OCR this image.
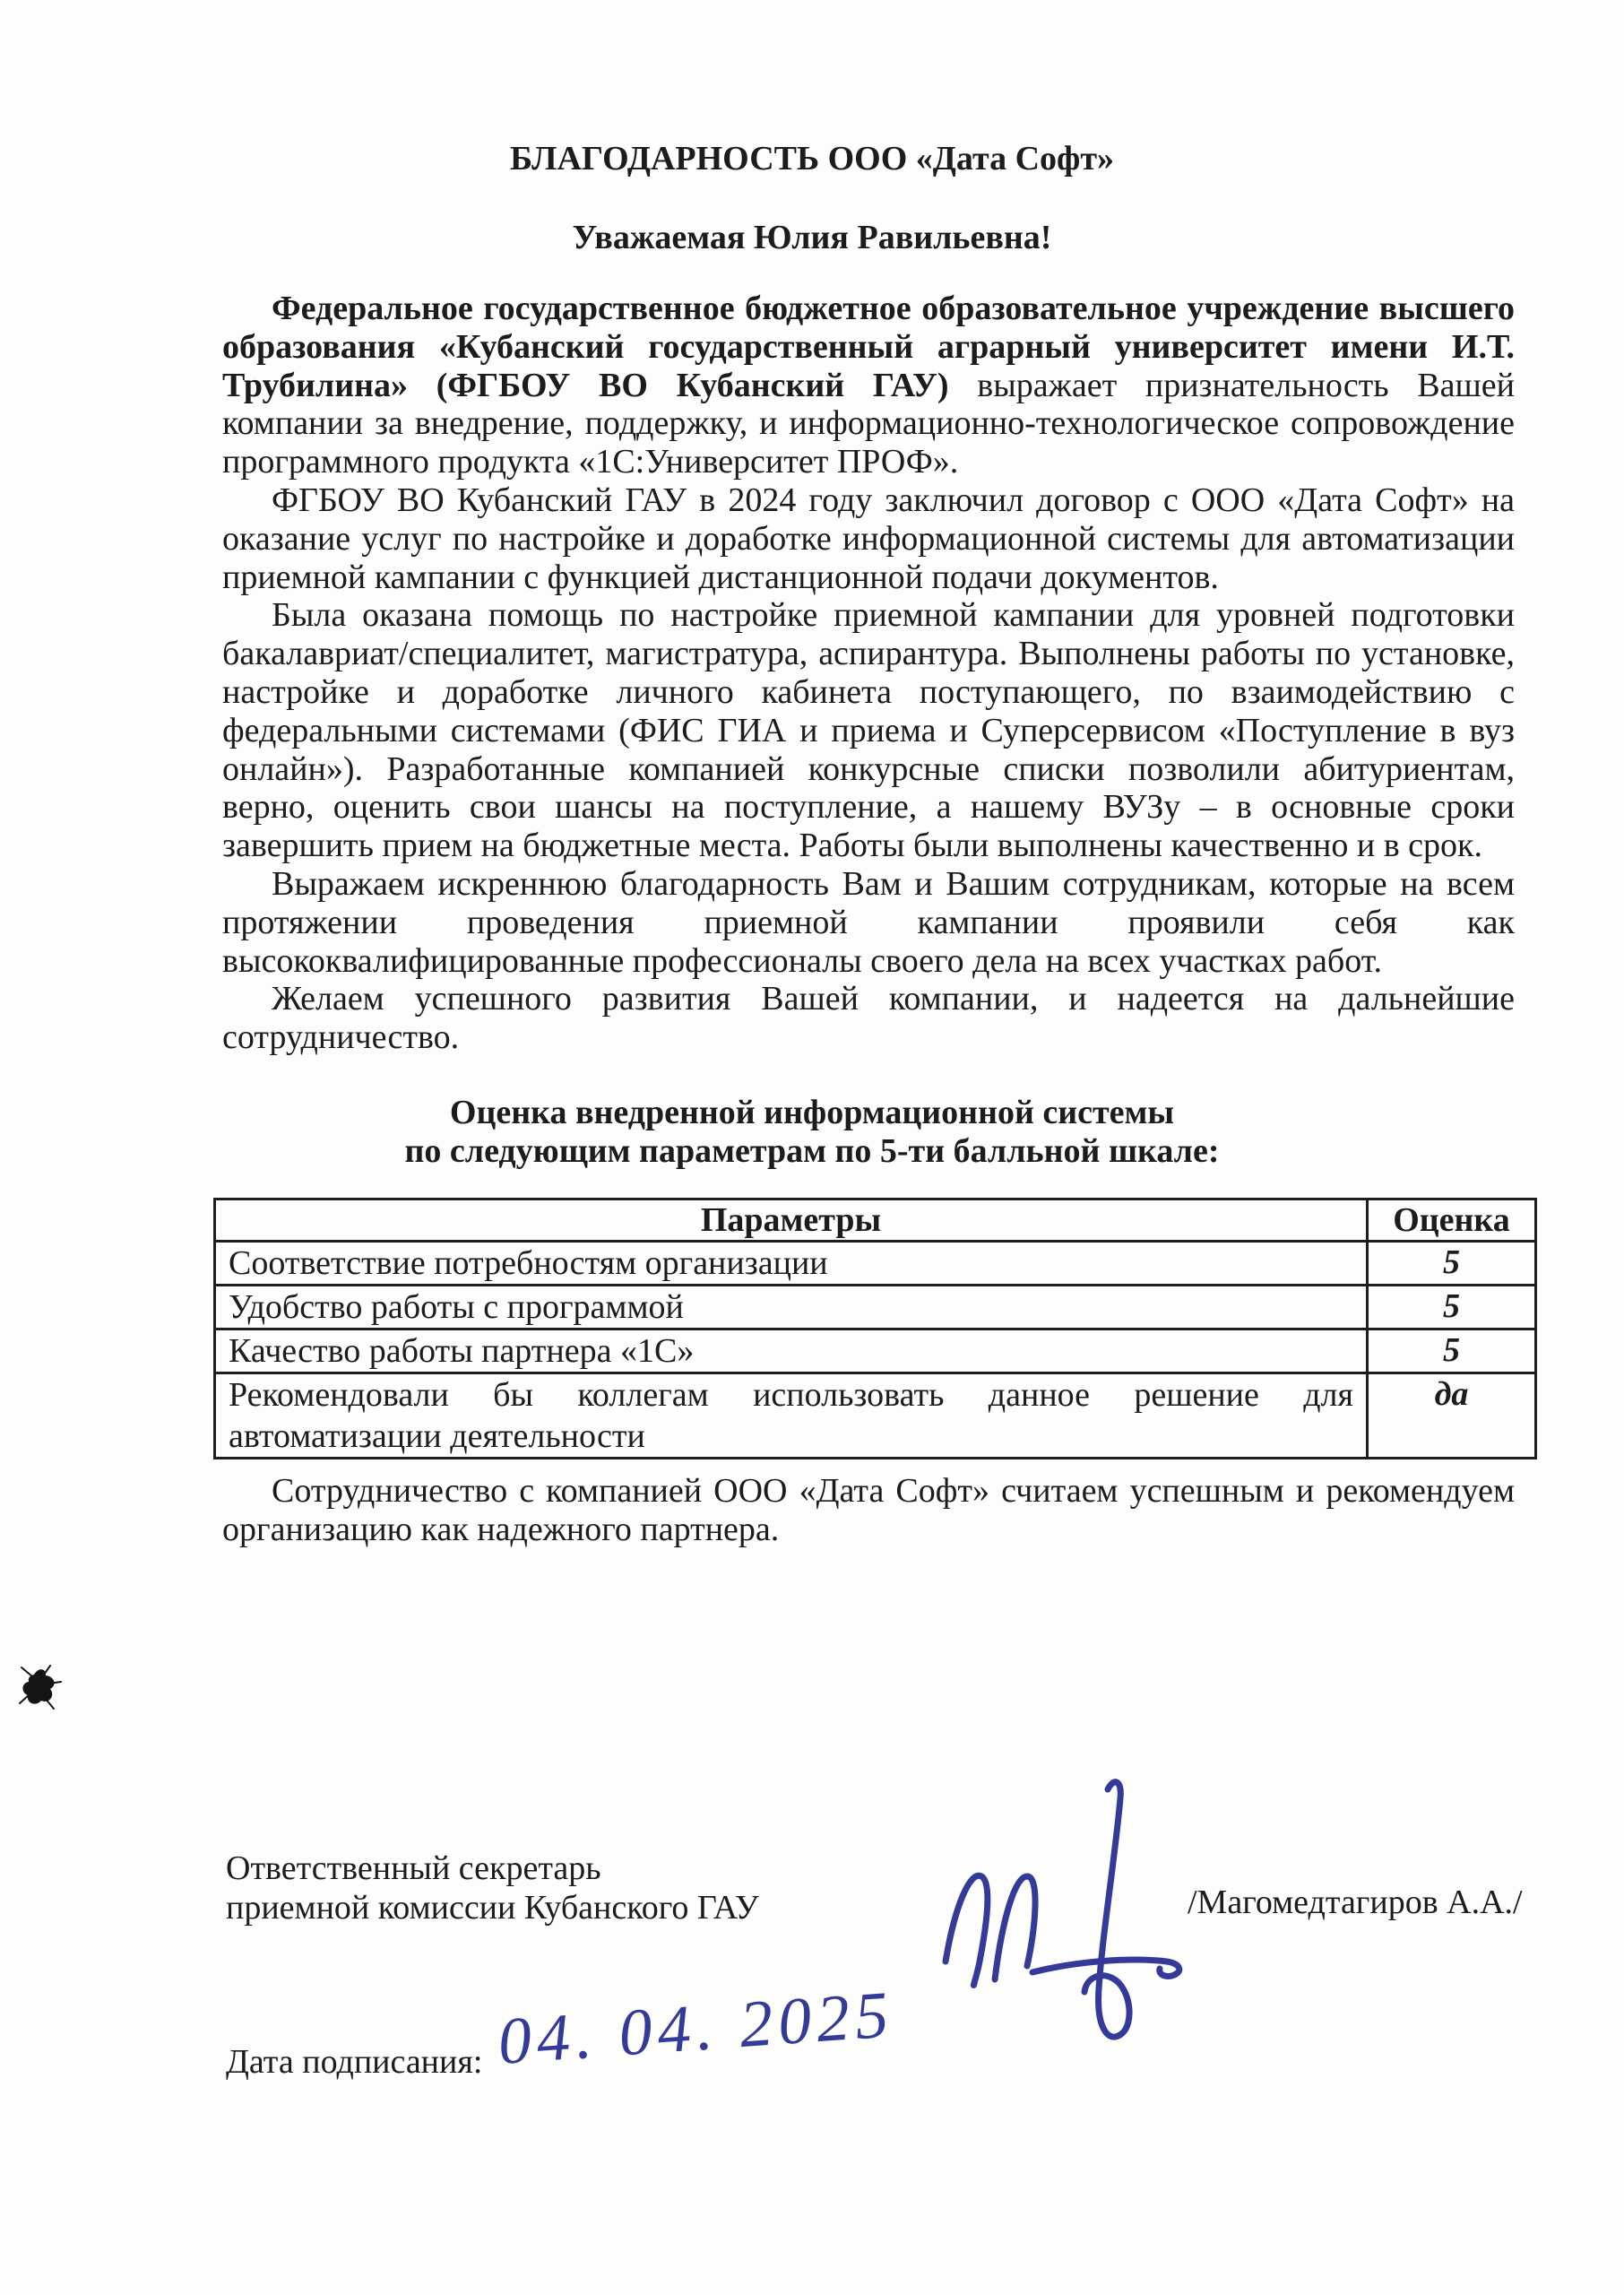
БЛАГОДАРНОСТЬ ООО «Дата Софт»

Уважаемая Юлия Равильевна!

Федеральное государственное бюджетное образовательное учреждение высшего образования «Кубанский государственный аграрный университет имени И.Т. Трубилина» (ФГБОУ ВО Кубанский ГАУ) выражает признательность Вашей компании за внедрение, поддержку, и информационно-технологическое сопровождение программного продукта «1С:Университет ПРОФ».

ФГБОУ ВО Кубанский ГАУ в 2024 году заключил договор с ООО «Дата Софт» на оказание услуг по настройке и доработке информационной системы для автоматизации приемной кампании с функцией дистанционной подачи документов.

Была оказана помощь по настройке приемной кампании для уровней подготовки бакалавриат/специалитет, магистратура, аспирантура. Выполнены работы по установке, настройке и доработке личного кабинета поступающего, по взаимодействию с федеральными системами (ФИС ГИА и приема и Суперсервисом «Поступление в вуз онлайн»). Разработанные компанией конкурсные списки позволили абитуриентам, верно, оценить свои шансы на поступление, а нашему ВУЗу – в основные сроки завершить прием на бюджетные места. Работы были выполнены качественно и в срок.

Выражаем искреннюю благодарность Вам и Вашим сотрудникам, которые на всем протяжении проведения приемной кампании проявили себя как высококвалифицированные профессионалы своего дела на всех участках работ.

Желаем успешного развития Вашей компании, и надеется на дальнейшие сотрудничество.

Оценка внедренной информационной системы
по следующим параметрам по 5-ти балльной шкале:
Параметры	Оценка
Соответствие потребностям организации	5
Удобство работы с программой	5
Качество работы партнера «1С»	5
Рекомендовали бы коллегам использовать данное решение для автоматизации деятельности	да

Сотрудничество с компанией ООО «Дата Софт» считаем успешным и рекомендуем организацию как надежного партнера.

Ответственный секретарь
приемной комиссии Кубанского ГАУ	/Магомедтагиров А.А./
Дата подписания: 04. 04. 2025
